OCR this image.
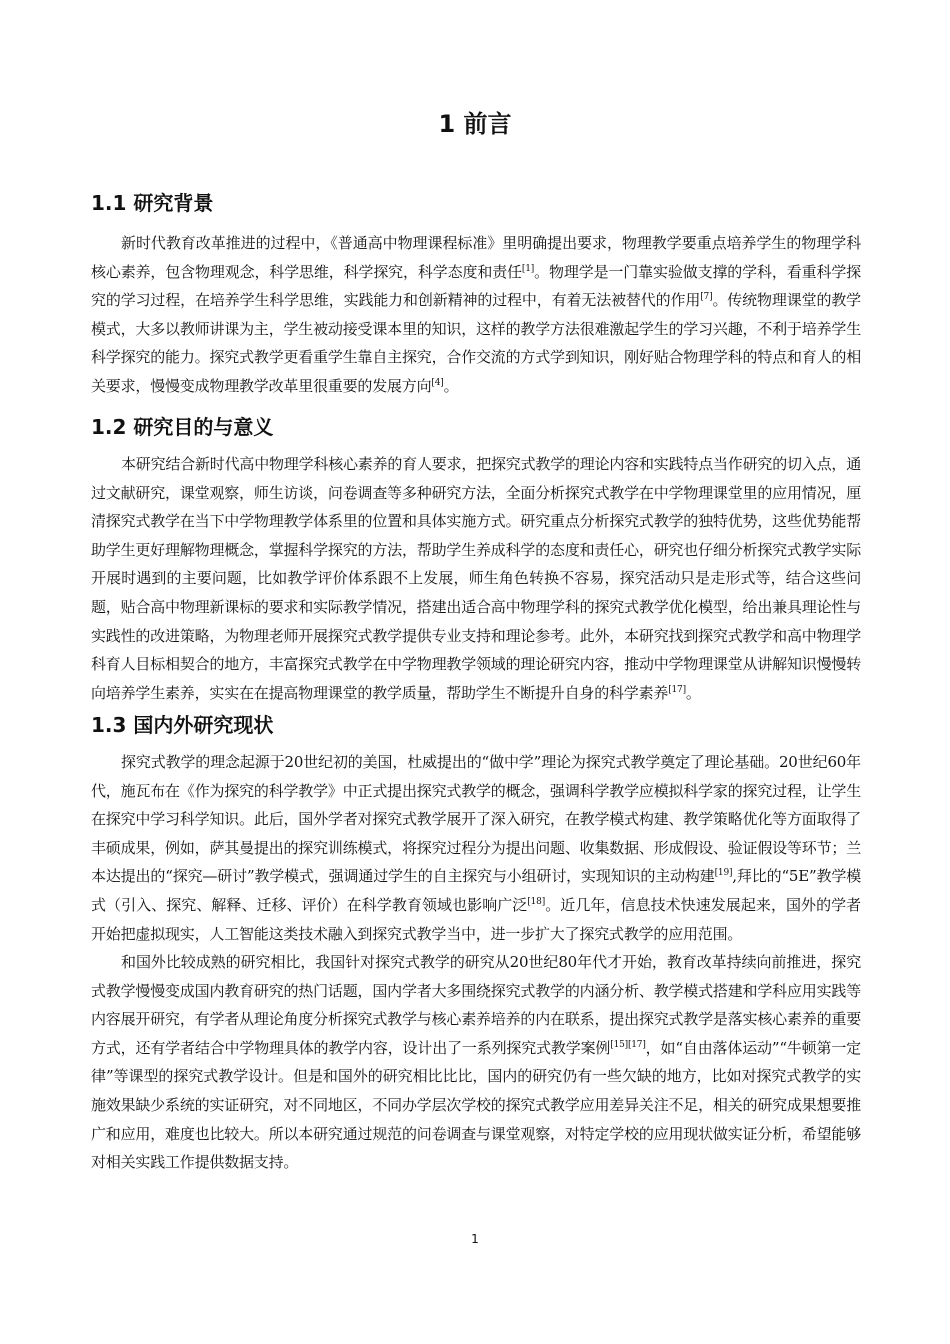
1 前言
1.1 研究背景

新时代教育改革推进的过程中，《普通高中物理课程标准》里明确提出要求，物理教学要重点培养学生的物理学科核心素养，包含物理观念，科学思维，科学探究，科学态度和责任[1]。物理学是一门靠实验做支撑的学科，看重科学探究的学习过程，在培养学生科学思维，实践能力和创新精神的过程中，有着无法被替代的作用[7]。传统物理课堂的教学模式，大多以教师讲课为主，学生被动接受课本里的知识，这样的教学方法很难激起学生的学习兴趣，不利于培养学生科学探究的能力。探究式教学更看重学生靠自主探究，合作交流的方式学到知识，刚好贴合物理学科的特点和育人的相关要求，慢慢变成物理教学改革里很重要的发展方向[4]。

1.2 研究目的与意义

本研究结合新时代高中物理学科核心素养的育人要求，把探究式教学的理论内容和实践特点当作研究的切入点，通过文献研究，课堂观察，师生访谈，问卷调查等多种研究方法，全面分析探究式教学在中学物理课堂里的应用情况，厘清探究式教学在当下中学物理教学体系里的位置和具体实施方式。研究重点分析探究式教学的独特优势，这些优势能帮助学生更好理解物理概念，掌握科学探究的方法，帮助学生养成科学的态度和责任心，研究也仔细分析探究式教学实际开展时遇到的主要问题，比如教学评价体系跟不上发展，师生角色转换不容易，探究活动只是走形式等，结合这些问题，贴合高中物理新课标的要求和实际教学情况，搭建出适合高中物理学科的探究式教学优化模型，给出兼具理论性与实践性的改进策略，为物理老师开展探究式教学提供专业支持和理论参考。此外，本研究找到探究式教学和高中物理学科育人目标相契合的地方，丰富探究式教学在中学物理教学领域的理论研究内容，推动中学物理课堂从讲解知识慢慢转向培养学生素养，实实在在提高物理课堂的教学质量，帮助学生不断提升自身的科学素养[17]。

1.3 国内外研究现状

探究式教学的理念起源于20世纪初的美国，杜威提出的“做中学”理论为探究式教学奠定了理论基础。20世纪60年代，施瓦布在《作为探究的科学教学》中正式提出探究式教学的概念，强调科学教学应模拟科学家的探究过程，让学生在探究中学习科学知识。此后，国外学者对探究式教学展开了深入研究，在教学模式构建、教学策略优化等方面取得了丰硕成果，例如，萨其曼提出的探究训练模式，将探究过程分为提出问题、收集数据、形成假设、验证假设等环节；兰本达提出的“探究—研讨”教学模式，强调通过学生的自主探究与小组研讨，实现知识的主动构建[19],拜比的“5E”教学模式（引入、探究、解释、迁移、评价）在科学教育领域也影响广泛[18]。近几年，信息技术快速发展起来，国外的学者开始把虚拟现实，人工智能这类技术融入到探究式教学当中，进一步扩大了探究式教学的应用范围。

和国外比较成熟的研究相比，我国针对探究式教学的研究从20世纪80年代才开始，教育改革持续向前推进，探究式教学慢慢变成国内教育研究的热门话题，国内学者大多围绕探究式教学的内涵分析、教学模式搭建和学科应用实践等内容展开研究，有学者从理论角度分析探究式教学与核心素养培养的内在联系，提出探究式教学是落实核心素养的重要方式，还有学者结合中学物理具体的教学内容，设计出了一系列探究式教学案例[15][17]，如“自由落体运动”“牛顿第一定律”等课型的探究式教学设计。但是和国外的研究相比比比，国内的研究仍有一些欠缺的地方，比如对探究式教学的实施效果缺少系统的实证研究，对不同地区，不同办学层次学校的探究式教学应用差异关注不足，相关的研究成果想要推广和应用，难度也比较大。所以本研究通过规范的问卷调查与课堂观察，对特定学校的应用现状做实证分析，希望能够对相关实践工作提供数据支持。

1
